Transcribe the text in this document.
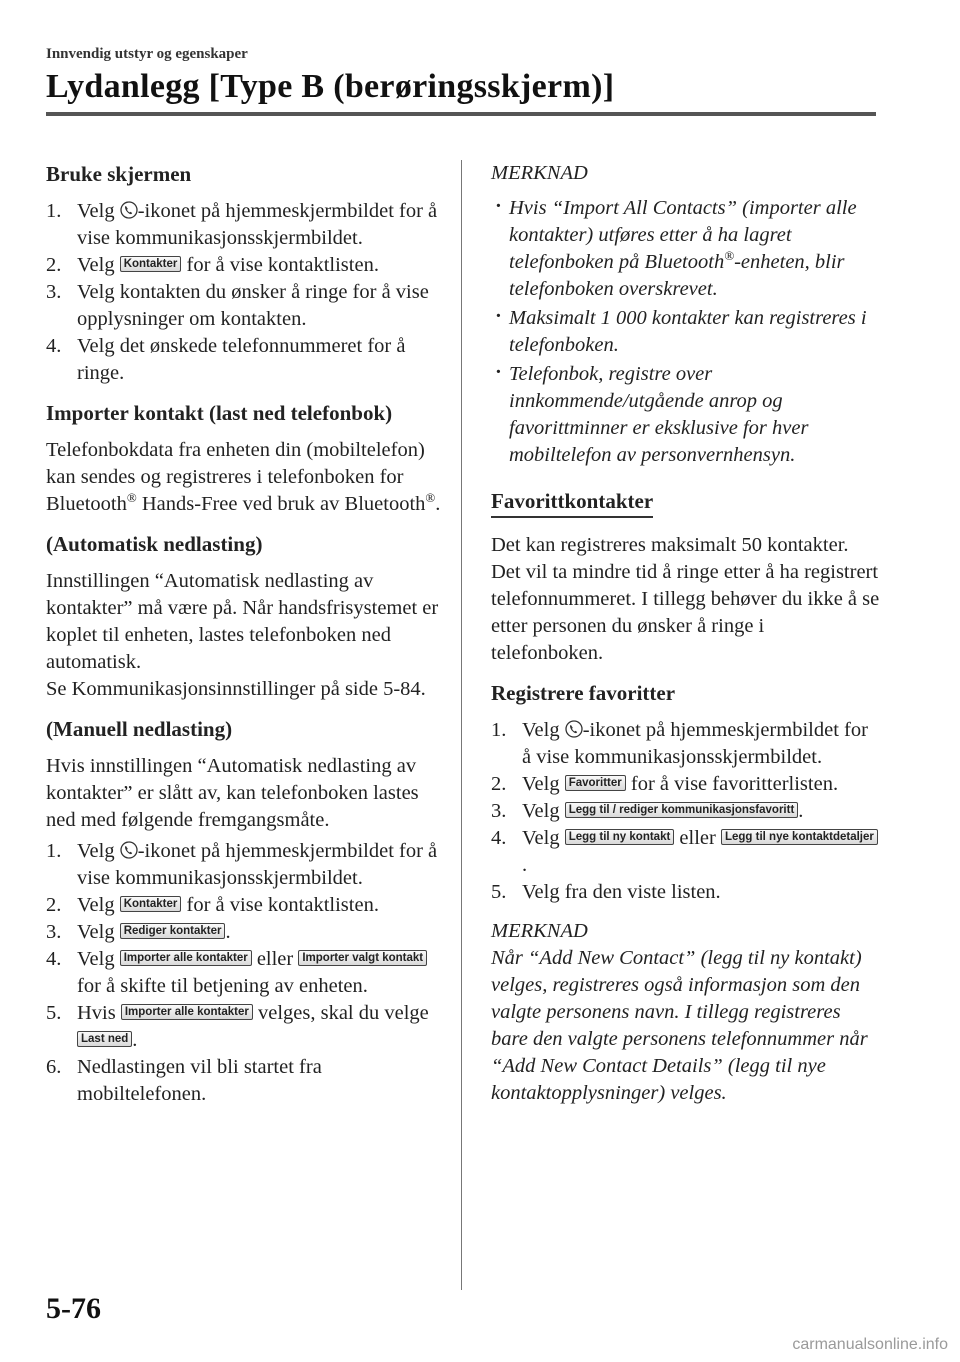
Innvendig utstyr og egenskaper
Lydanlegg [Type B (berøringsskjerm)]
Bruke skjermen
1. Velg -ikonet på hjemmeskjermbildet for å vise kommunikasjonsskjermbildet.
2. Velg Kontakter for å vise kontaktlisten.
3. Velg kontakten du ønsker å ringe for å vise opplysninger om kontakten.
4. Velg det ønskede telefonnummeret for å ringe.
Importer kontakt (last ned telefonbok)

Telefonbokdata fra enheten din (mobiltelefon) kan sendes og registreres i telefonboken for Bluetooth® Hands-Free ved bruk av Bluetooth®.

(Automatisk nedlasting)

Innstillingen “Automatisk nedlasting av kontakter” må være på. Når handsfrisystemet er koplet til enheten, lastes telefonboken ned automatisk.

Se Kommunikasjonsinnstillinger på side 5-84.

(Manuell nedlasting)

Hvis innstillingen “Automatisk nedlasting av kontakter” er slått av, kan telefonboken lastes ned med følgende fremgangsmåte.

1. Velg -ikonet på hjemmeskjermbildet for å vise kommunikasjonsskjermbildet.
2. Velg Kontakter for å vise kontaktlisten.
3. Velg Rediger kontakter .
4. Velg Importer alle kontakter eller Importer valgt kontakt for å skifte til betjening av enheten.
5. Hvis Importer alle kontakter velges, skal du velge Last ned .
6. Nedlastingen vil bli startet fra mobiltelefonen.
MERKNAD
· Hvis “Import All Contacts” (importer alle kontakter) utføres etter å ha lagret telefonboken på Bluetooth®-enheten, blir telefonboken overskrevet.
· Maksimalt 1 000 kontakter kan registreres i telefonboken.
· Telefonbok, registre over innkommende/utgående anrop og favorittminner er eksklusive for hver mobiltelefon av personvernhensyn.
Favorittkontakter

Det kan registreres maksimalt 50 kontakter. Det vil ta mindre tid å ringe etter å ha registrert telefonnummeret. I tillegg behøver du ikke å se etter personen du ønsker å ringe i telefonboken.

Registrere favoritter
1. Velg -ikonet på hjemmeskjermbildet for å vise kommunikasjonsskjermbildet.
2. Velg Favoritter for å vise favoritterlisten.
3. Velg Legg til / rediger kommunikasjonsfavoritt .
4. Velg Legg til ny kontakt eller Legg til nye kontaktdetaljer.
5. Velg fra den viste listen.
MERKNAD

Når “Add New Contact” (legg til ny kontakt) velges, registreres også informasjon som den valgte personens navn. I tillegg registreres bare den valgte personens telefonnummer når “Add New Contact Details” (legg til nye kontaktopplysninger) velges.

5-76
carmanualsonline.info
